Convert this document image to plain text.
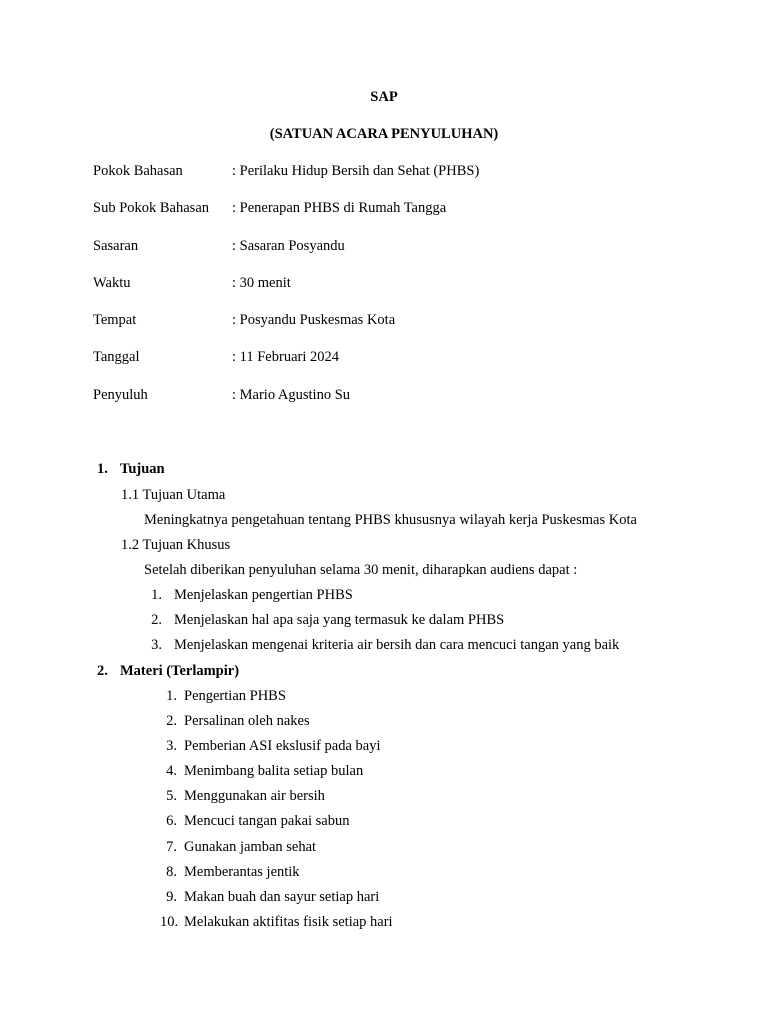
SAP
(SATUAN ACARA PENYULUHAN)
Pokok Bahasan	: Perilaku Hidup Bersih dan Sehat (PHBS)
Sub Pokok Bahasan : Penerapan PHBS di Rumah Tangga
Sasaran	: Sasaran Posyandu
Waktu	: 30 menit
Tempat	: Posyandu Puskesmas Kota
Tanggal	: 11 Februari 2024
Penyuluh	: Mario Agustino Su
1. Tujuan
1.1 Tujuan Utama
Meningkatnya pengetahuan tentang PHBS khususnya wilayah kerja Puskesmas Kota
1.2 Tujuan Khusus
Setelah diberikan penyuluhan selama 30 menit, diharapkan audiens dapat :
1. Menjelaskan pengertian PHBS
2. Menjelaskan hal apa saja yang termasuk ke dalam PHBS
3. Menjelaskan mengenai kriteria air bersih dan cara mencuci tangan yang baik
2. Materi (Terlampir)
1. Pengertian PHBS
2. Persalinan oleh nakes
3. Pemberian ASI ekslusif pada bayi
4. Menimbang balita setiap bulan
5. Menggunakan air bersih
6. Mencuci tangan pakai sabun
7. Gunakan jamban sehat
8. Memberantas jentik
9. Makan buah dan sayur setiap hari
10. Melakukan aktifitas fisik setiap hari
